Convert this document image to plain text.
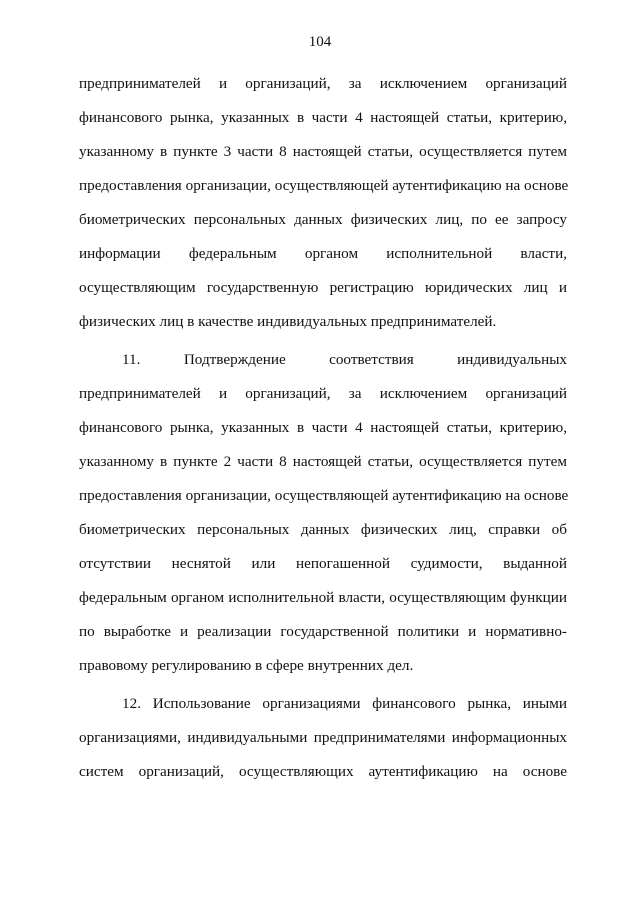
104
предпринимателей и организаций, за исключением организаций
финансового рынка, указанных в части 4 настоящей статьи, критерию,
указанному в пункте 3 части 8 настоящей статьи, осуществляется путем
предоставления организации, осуществляющей аутентификацию на основе
биометрических персональных данных физических лиц, по ее запросу
информации федеральным органом исполнительной власти,
осуществляющим государственную регистрацию юридических лиц и
физических лиц в качестве индивидуальных предпринимателей.
11. Подтверждение соответствия индивидуальных
предпринимателей и организаций, за исключением организаций
финансового рынка, указанных в части 4 настоящей статьи, критерию,
указанному в пункте 2 части 8 настоящей статьи, осуществляется путем
предоставления организации, осуществляющей аутентификацию на основе
биометрических персональных данных физических лиц, справки об
отсутствии неснятой или непогашенной судимости, выданной
федеральным органом исполнительной власти, осуществляющим функции
по выработке и реализации государственной политики и нормативно-
правовому регулированию в сфере внутренних дел.
12. Использование организациями финансового рынка, иными
организациями, индивидуальными предпринимателями информационных
систем организаций, осуществляющих аутентификацию на основе
